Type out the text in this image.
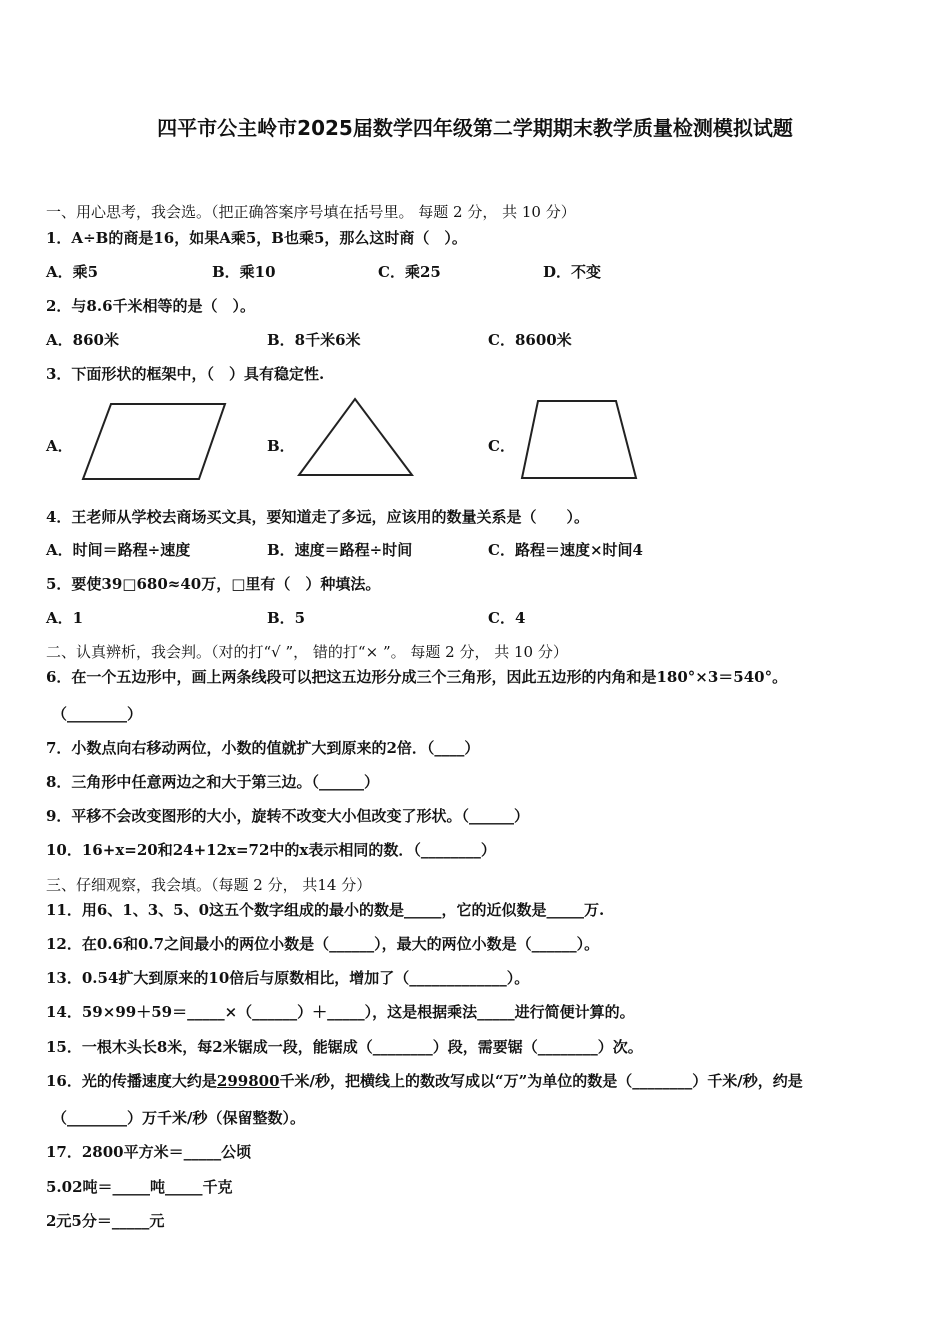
四平市公主岭市2025届数学四年级第二学期期末教学质量检测模拟试题
一、用心思考，我会选。（把正确答案序号填在括号里。 每题 2 分， 共 10 分）
1．A÷B的商是16，如果A乘5，B也乘5，那么这时商（　）。
A．乘5	B．乘10	C．乘25	D．不变
2．与8.6千米相等的是（　）。
A．860米	B．8千米6米	C．8600米
3．下面形状的框架中，（　）具有稳定性.
A．	B．	C．
4．王老师从学校去商场买文具，要知道走了多远，应该用的数量关系是（　　）。
A．时间＝路程÷速度	B．速度＝路程÷时间	C．路程＝速度×时间4
5．要使39□680≈40万，□里有（　）种填法。
A．1	B．5	C．4
二、认真辨析，我会判。（对的打“√ ”， 错的打“× ”。 每题 2 分， 共 10 分）
6．在一个五边形中，画上两条线段可以把这五边形分成三个三角形，因此五边形的内角和是180°×3＝540°。
（________）
7．小数点向右移动两位，小数的值就扩大到原来的2倍．（____）
8．三角形中任意两边之和大于第三边。（______）
9．平移不会改变图形的大小，旋转不改变大小但改变了形状。（______）
10．16+x=20和24+12x=72中的x表示相同的数．（________）
三、仔细观察，我会填。（每题 2 分， 共14 分）
11．用6、1、3、5、0这五个数字组成的最小的数是_____，它的近似数是_____万.
12．在0.6和0.7之间最小的两位小数是（______），最大的两位小数是（______）。
13．0.54扩大到原来的10倍后与原数相比，增加了（_____________）。
14．59×99＋59＝_____×（______）＋_____），这是根据乘法_____进行简便计算的。
15．一根木头长8米，每2米锯成一段，能锯成（________）段，需要锯（________）次。
16．光的传播速度大约是299800千米/秒，把横线上的数改写成以“万”为单位的数是（________）千米/秒，约是
（________）万千米/秒（保留整数）。
17．2800平方米＝_____公顷
5.02吨＝_____吨_____千克
2元5分＝_____元
